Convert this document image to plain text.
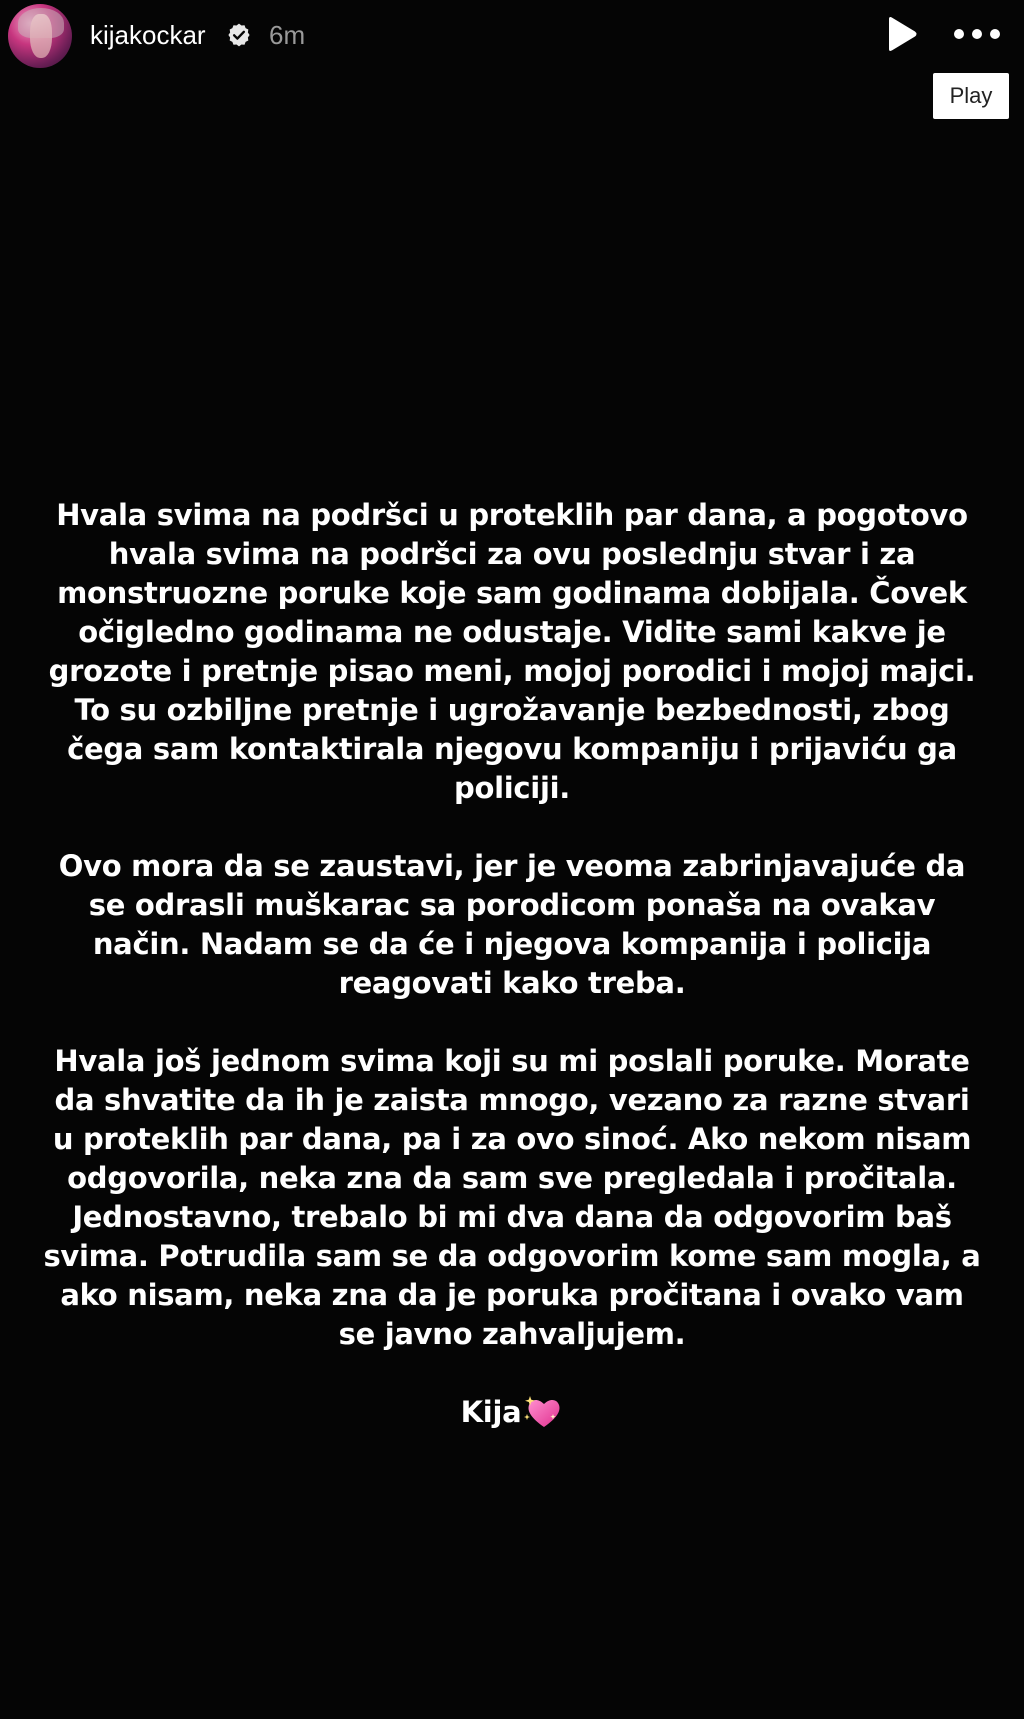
kijakockar 6m
Play

Hvala svima na podršci u proteklih par dana, a pogotovo hvala svima na podršci za ovu poslednju stvar i za monstruozne poruke koje sam godinama dobijala. Čovek očigledno godinama ne odustaje. Vidite sami kakve je grozote i pretnje pisao meni, mojoj porodici i mojoj majci. To su ozbiljne pretnje i ugrožavanje bezbednosti, zbog čega sam kontaktirala njegovu kompaniju i prijaviću ga policiji.

Ovo mora da se zaustavi, jer je veoma zabrinjavajuće da se odrasli muškarac sa porodicom ponaša na ovakav način. Nadam se da će i njegova kompanija i policija reagovati kako treba.

Hvala još jednom svima koji su mi poslali poruke. Morate da shvatite da ih je zaista mnogo, vezano za razne stvari u proteklih par dana, pa i za ovo sinoć. Ako nekom nisam odgovorila, neka zna da sam sve pregledala i pročitala. Jednostavno, trebalo bi mi dva dana da odgovorim baš svima. Potrudila sam se da odgovorim kome sam mogla, a ako nisam, neka zna da je poruka pročitana i ovako vam se javno zahvaljujem.

Kija
